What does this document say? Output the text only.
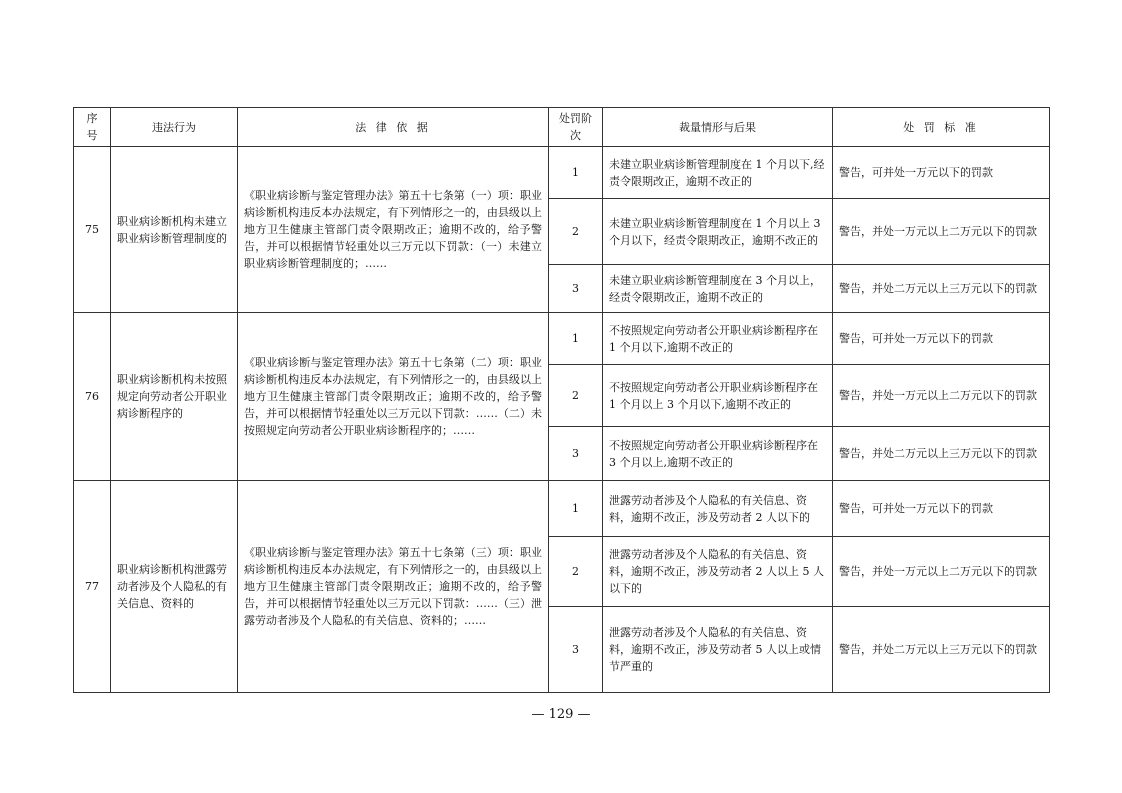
序号	违法行为	法 律 依 据	处罚阶次	裁量情形与后果	处 罚 标 准
75	职业病诊断机构未建立职业病诊断管理制度的	《职业病诊断与鉴定管理办法》第五十七条第（一）项：职业病诊断机构违反本办法规定，有下列情形之一的，由县级以上地方卫生健康主管部门责令限期改正；逾期不改的，给予警告，并可以根据情节轻重处以三万元以下罚款：（一）未建立职业病诊断管理制度的；……	1	未建立职业病诊断管理制度在 1 个月以下,经责令限期改正，逾期不改正的	警告，可并处一万元以下的罚款
			2	未建立职业病诊断管理制度在 1 个月以上 3 个月以下，经责令限期改正，逾期不改正的	警告，并处一万元以上二万元以下的罚款
			3	未建立职业病诊断管理制度在 3 个月以上，经责令限期改正，逾期不改正的	警告，并处二万元以上三万元以下的罚款
76	职业病诊断机构未按照规定向劳动者公开职业病诊断程序的	《职业病诊断与鉴定管理办法》第五十七条第（二）项：职业病诊断机构违反本办法规定，有下列情形之一的，由县级以上地方卫生健康主管部门责令限期改正；逾期不改的，给予警告，并可以根据情节轻重处以三万元以下罚款：……（二）未按照规定向劳动者公开职业病诊断程序的；……	1	不按照规定向劳动者公开职业病诊断程序在 1 个月以下,逾期不改正的	警告，可并处一万元以下的罚款
			2	不按照规定向劳动者公开职业病诊断程序在 1 个月以上 3 个月以下,逾期不改正的	警告，并处一万元以上二万元以下的罚款
			3	不按照规定向劳动者公开职业病诊断程序在 3 个月以上,逾期不改正的	警告，并处二万元以上三万元以下的罚款
77	职业病诊断机构泄露劳动者涉及个人隐私的有关信息、资料的	《职业病诊断与鉴定管理办法》第五十七条第（三）项：职业病诊断机构违反本办法规定，有下列情形之一的，由县级以上地方卫生健康主管部门责令限期改正；逾期不改的，给予警告，并可以根据情节轻重处以三万元以下罚款：……（三）泄露劳动者涉及个人隐私的有关信息、资料的；……	1	泄露劳动者涉及个人隐私的有关信息、资料，逾期不改正，涉及劳动者 2 人以下的	警告，可并处一万元以下的罚款
			2	泄露劳动者涉及个人隐私的有关信息、资料，逾期不改正，涉及劳动者 2 人以上 5 人以下的	警告，并处一万元以上二万元以下的罚款
			3	泄露劳动者涉及个人隐私的有关信息、资料，逾期不改正，涉及劳动者 5 人以上或情节严重的	警告，并处二万元以上三万元以下的罚款
— 129 —
